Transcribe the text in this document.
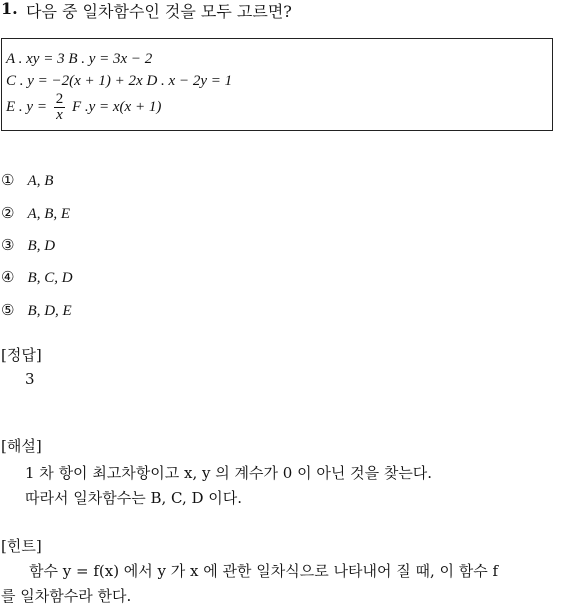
1. 다음 중 일차함수인 것을 모두 고르면?
A . xy = 3 B . y = 3x − 2
C . y = −2(x + 1) + 2x D . x − 2y = 1
E . $y = \frac{2}{x}$ F .y = x(x + 1)
① A, B
② A, B, E
③ B, D
④ B, C, D
⑤ B, D, E
[정답]
3
[해설]
1 차 항이 최고차항이고 x, y 의 계수가 0 이 아닌 것을 찾는다.
따라서 일차함수는 B, C, D 이다.
[힌트]
함수 y = f(x) 에서 y 가 x 에 관한 일차식으로 나타내어 질 때, 이 함수 f
를 일차함수라 한다.
